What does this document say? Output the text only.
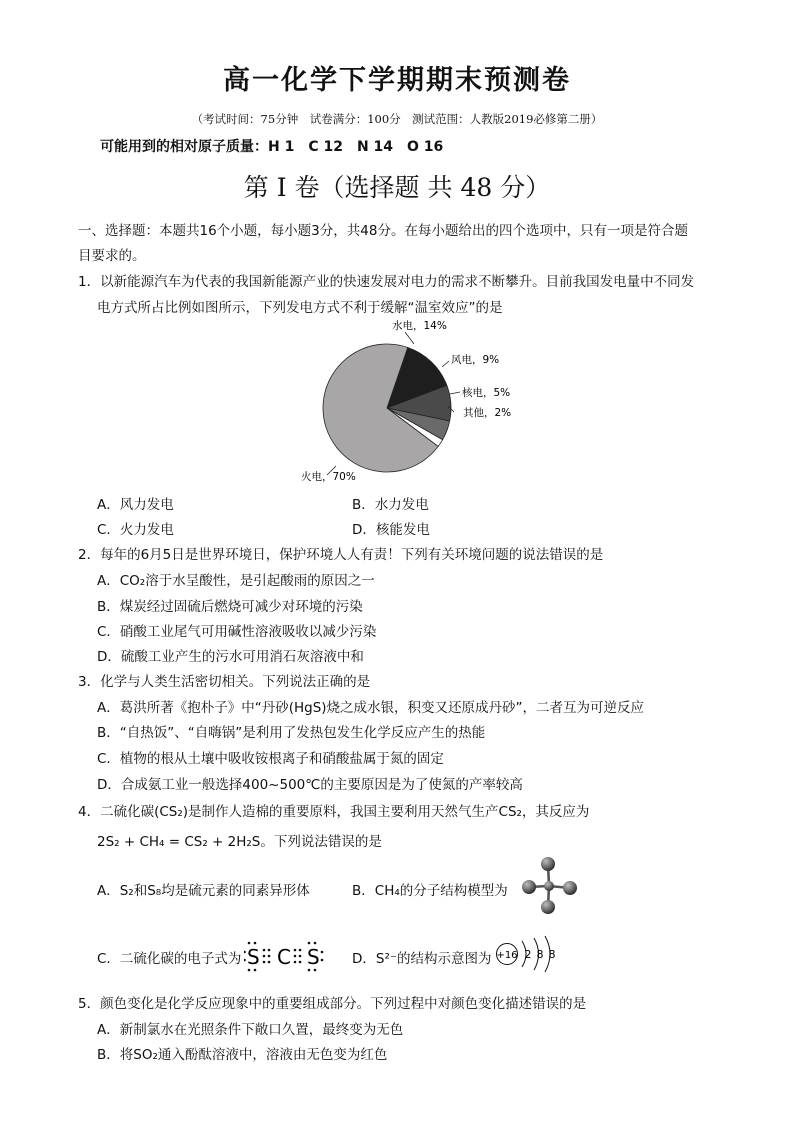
高一化学下学期期末预测卷
（考试时间：75分钟　试卷满分：100分　测试范围：人教版2019必修第二册）
可能用到的相对原子质量：H 1　C 12　N 14　O 16
第 I 卷（选择题 共 48 分）
一、选择题：本题共16个小题，每小题3分，共48分。在每小题给出的四个选项中，只有一项是符合题
目要求的。
1．以新能源汽车为代表的我国新能源产业的快速发展对电力的需求不断攀升。目前我国发电量中不同发
电方式所占比例如图所示，下列发电方式不利于缓解“温室效应”的是
水电，14%
风电，9%
核电，5%
其他，2%
火电，70%
A．风力发电	B．水力发电
C．火力发电	D．核能发电
2．每年的6月5日是世界环境日，保护环境人人有责！下列有关环境问题的说法错误的是
A．CO₂溶于水呈酸性，是引起酸雨的原因之一
B．煤炭经过固硫后燃烧可减少对环境的污染
C．硝酸工业尾气可用碱性溶液吸收以减少污染
D．硫酸工业产生的污水可用消石灰溶液中和
3．化学与人类生活密切相关。下列说法正确的是
A．葛洪所著《抱朴子》中“丹砂(HgS)烧之成水银，积变又还原成丹砂”，二者互为可逆反应
B．“自热饭”、“自嗨锅”是利用了发热包发生化学反应产生的热能
C．植物的根从土壤中吸收铵根离子和硝酸盐属于氮的固定
D．合成氨工业一般选择400~500℃的主要原因是为了使氮的产率较高
4．二硫化碳(CS₂)是制作人造棉的重要原料，我国主要利用天然气生产CS₂，其反应为
2S₂ + CH₄ = CS₂ + 2H₂S。下列说法错误的是
A．S₂和S₈均是硫元素的同素异形体	B．CH₄的分子结构模型为
C．二硫化碳的电子式为 S C S D．S²⁻的结构示意图为 +16 2 8 8
5．颜色变化是化学反应现象中的重要组成部分。下列过程中对颜色变化描述错误的是
A．新制氯水在光照条件下敞口久置，最终变为无色
B．将SO₂通入酚酞溶液中，溶液由无色变为红色
